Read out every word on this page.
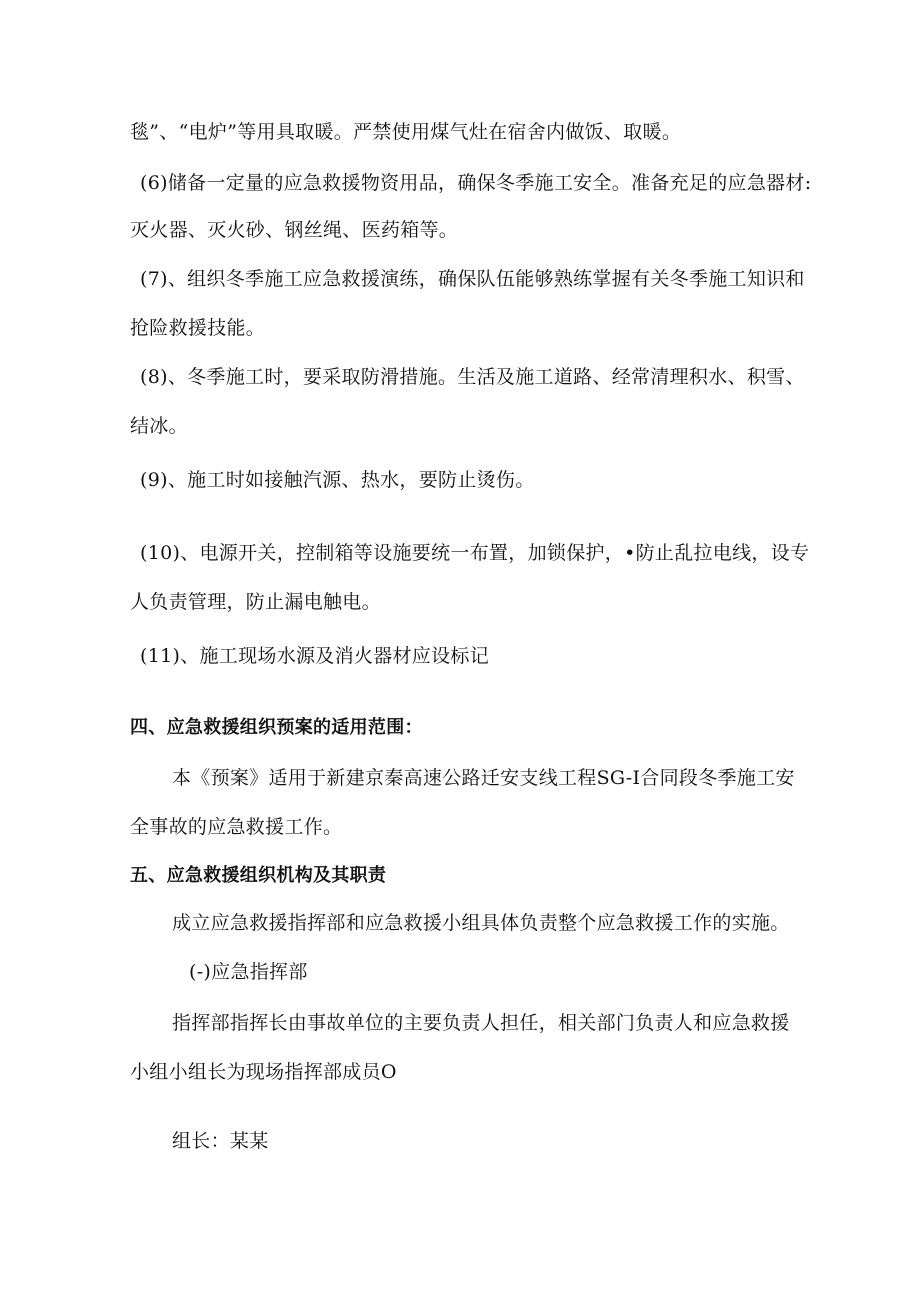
毯”、“电炉”等用具取暖。严禁使用煤气灶在宿舍内做饭、取暖。
(6)储备一定量的应急救援物资用品，确保冬季施工安全。准备充足的应急器材:
灭火器、灭火砂、钢丝绳、医药箱等。
(7)、组织冬季施工应急救援演练，确保队伍能够熟练掌握有关冬季施工知识和
抢险救援技能。
(8)、冬季施工时，要采取防滑措施。生活及施工道路、经常清理积水、积雪、
结冰。
(9)、施工时如接触汽源、热水，要防止烫伤。
(10)、电源开关，控制箱等设施要统一布置，加锁保护，•防止乱拉电线，设专
人负责管理，防止漏电触电。
(11)、施工现场水源及消火器材应设标记
四、应急救援组织预案的适用范围：
本《预案》适用于新建京秦高速公路迁安支线工程SG-I合同段冬季施工安
全事故的应急救援工作。
五、应急救援组织机构及其职责
成立应急救援指挥部和应急救援小组具体负责整个应急救援工作的实施。
(-)应急指挥部
指挥部指挥长由事故单位的主要负责人担任，相关部门负责人和应急救援
小组小组长为现场指挥部成员O
组长：某某
